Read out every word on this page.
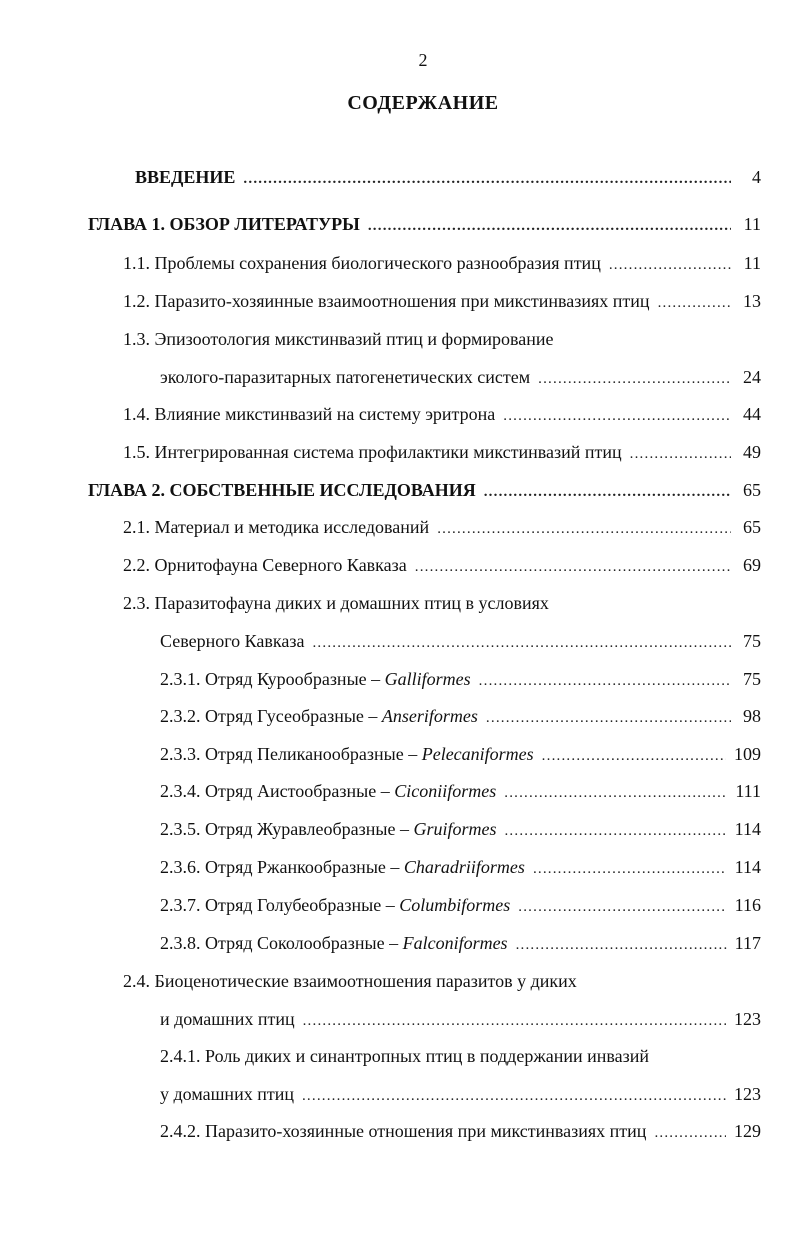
2
СОДЕРЖАНИЕ
ВВЕДЕНИЕ .....	4
ГЛАВА 1. ОБЗОР ЛИТЕРАТУРЫ .....	11
1.1. Проблемы сохранения биологического разнообразия птиц .....	11
1.2. Паразито-хозяинные взаимоотношения при микстинвазиях птиц .....	13
1.3. Эпизоотология микстинвазий птиц и формирование
эколого-паразитарных патогенетических систем .....	24
1.4. Влияние микстинвазий на систему эритрона .....	44
1.5. Интегрированная система профилактики микстинвазий птиц .....	49
ГЛАВА 2. СОБСТВЕННЫЕ ИССЛЕДОВАНИЯ .....	65
2.1. Материал и методика исследований .....	65
2.2. Орнитофауна Северного Кавказа .....	69
2.3. Паразитофауна диких и домашних птиц в условиях
Северного Кавказа .....	75
2.3.1. Отряд Курообразные – Galliformes .....	75
2.3.2. Отряд Гусеобразные – Anseriformes .....	98
2.3.3. Отряд Пеликанообразные – Pelecaniformes .....	109
2.3.4. Отряд Аистообразные – Ciconiiformes .....	111
2.3.5. Отряд Журавлеобразные – Gruiformes .....	114
2.3.6. Отряд Ржанкообразные – Charadriiformes .....	114
2.3.7. Отряд Голубеобразные – Columbiformes .....	116
2.3.8. Отряд Соколообразные – Falconiformes .....	117
2.4. Биоценотические взаимоотношения паразитов у диких
и домашних птиц .....	123
2.4.1. Роль диких и синантропных птиц в поддержании инвазий
у домашних птиц .....	123
2.4.2. Паразито-хозяинные отношения при микстинвазиях птиц .....	129
